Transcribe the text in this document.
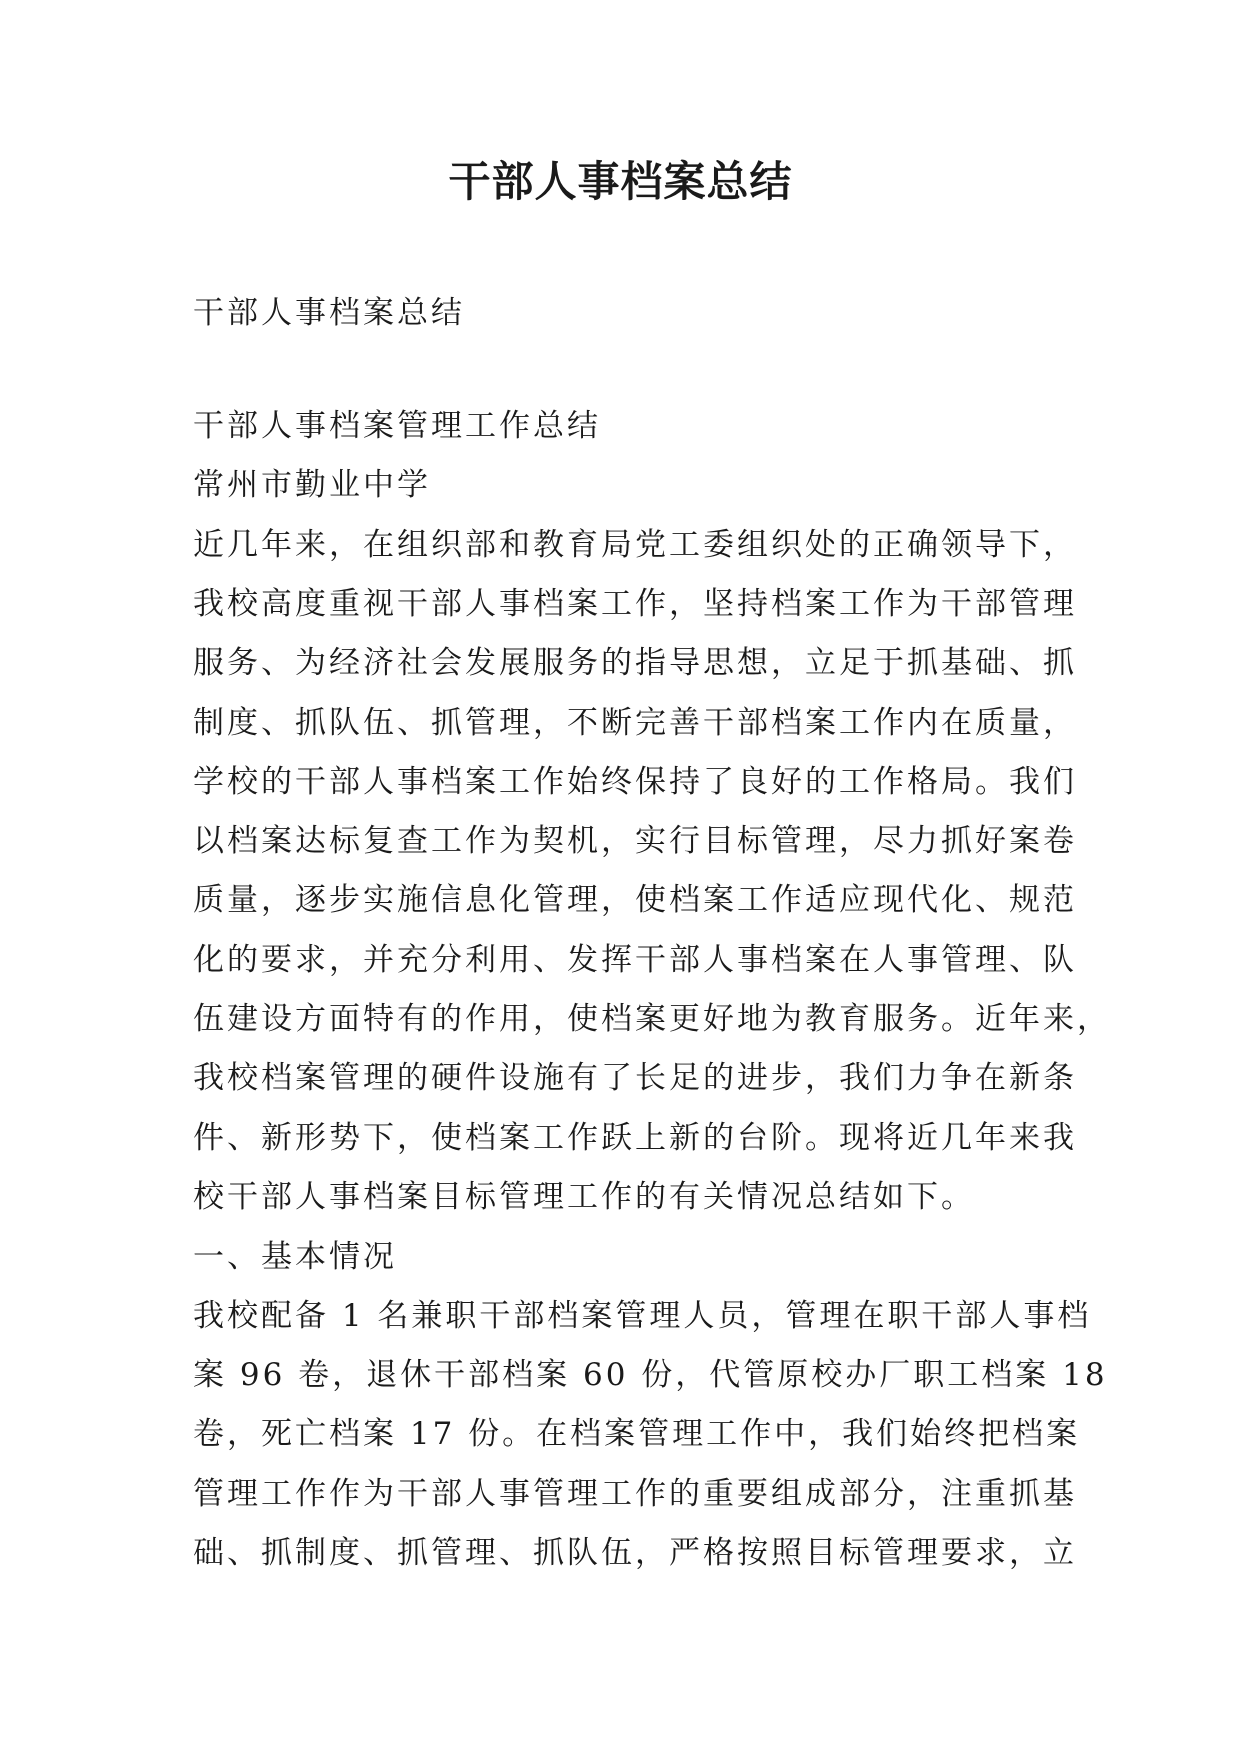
干部人事档案总结

干部人事档案总结

干部人事档案管理工作总结

常州市勤业中学

近几年来，在组织部和教育局党工委组织处的正确领导下，

我校高度重视干部人事档案工作，坚持档案工作为干部管理

服务、为经济社会发展服务的指导思想，立足于抓基础、抓

制度、抓队伍、抓管理，不断完善干部档案工作内在质量，

学校的干部人事档案工作始终保持了良好的工作格局。我们

以档案达标复查工作为契机，实行目标管理，尽力抓好案卷

质量，逐步实施信息化管理，使档案工作适应现代化、规范

化的要求，并充分利用、发挥干部人事档案在人事管理、队

伍建设方面特有的作用，使档案更好地为教育服务。近年来，

我校档案管理的硬件设施有了长足的进步，我们力争在新条

件、新形势下，使档案工作跃上新的台阶。现将近几年来我

校干部人事档案目标管理工作的有关情况总结如下。

一、基本情况

我校配备 1 名兼职干部档案管理人员，管理在职干部人事档

案 96 卷，退休干部档案 60 份，代管原校办厂职工档案 18

卷，死亡档案 17 份。在档案管理工作中，我们始终把档案

管理工作作为干部人事管理工作的重要组成部分，注重抓基

础、抓制度、抓管理、抓队伍，严格按照目标管理要求，立
